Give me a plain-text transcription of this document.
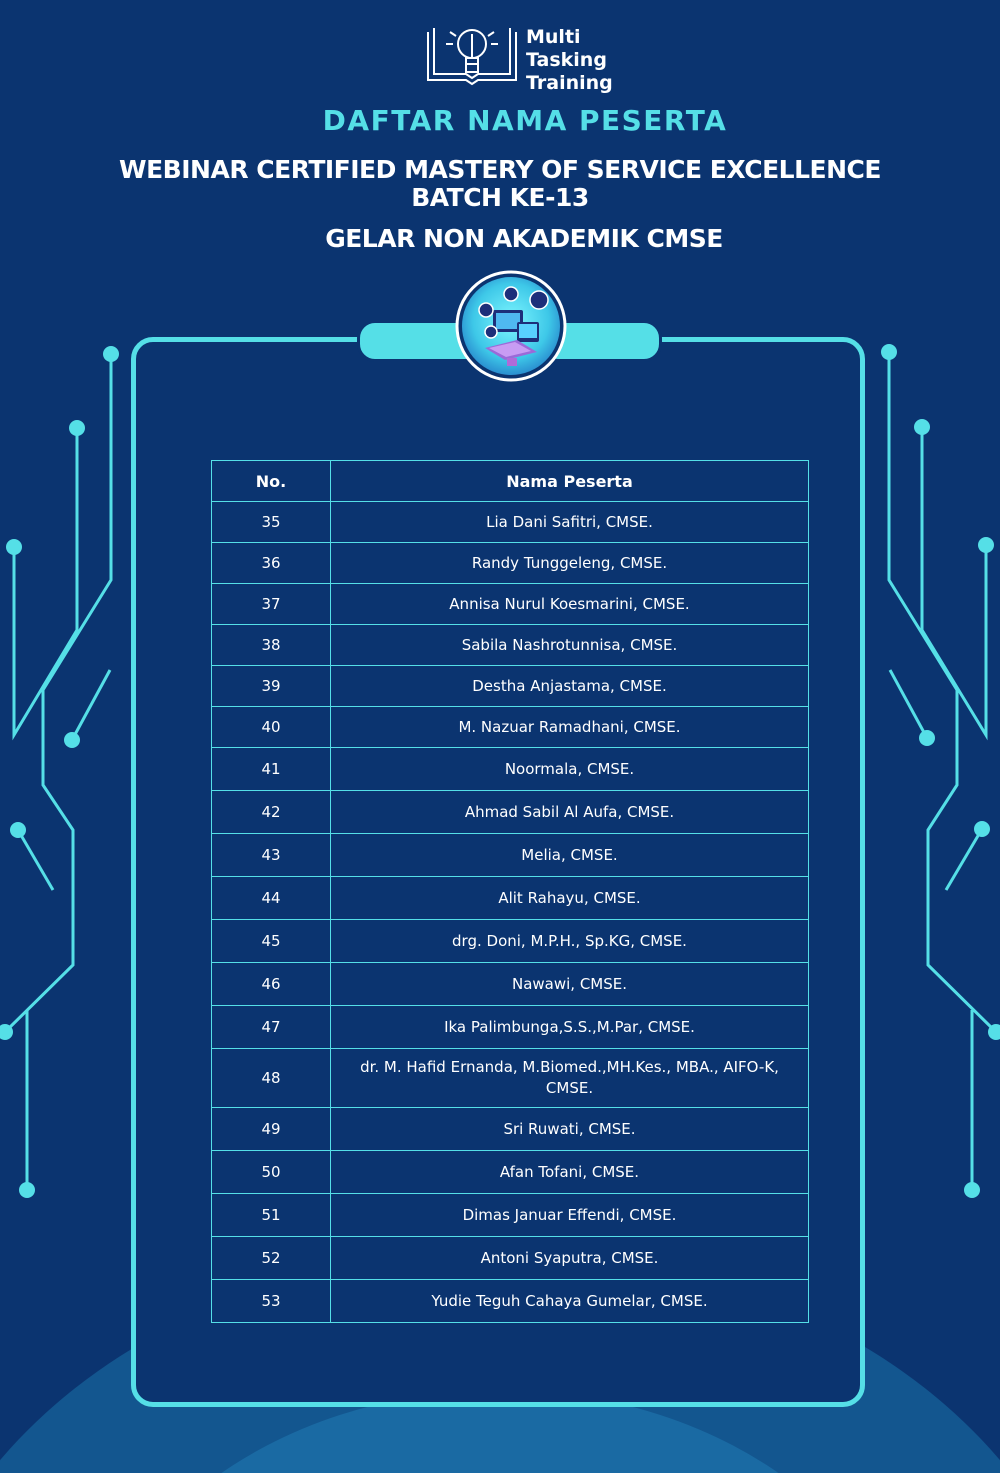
Multi
Tasking
Training
DAFTAR NAMA PESERTA
WEBINAR CERTIFIED MASTERY OF SERVICE EXCELLENCE
BATCH KE-13
GELAR NON AKADEMIK CMSE
No.	Nama Peserta
35	Lia Dani Safitri, CMSE.
36	Randy Tunggeleng, CMSE.
37	Annisa Nurul Koesmarini, CMSE.
38	Sabila Nashrotunnisa, CMSE.
39	Destha Anjastama, CMSE.
40	M. Nazuar Ramadhani, CMSE.
41	Noormala, CMSE.
42	Ahmad Sabil Al Aufa, CMSE.
43	Melia, CMSE.
44	Alit Rahayu, CMSE.
45	drg. Doni, M.P.H., Sp.KG, CMSE.
46	Nawawi, CMSE.
47	Ika Palimbunga,S.S.,M.Par, CMSE.
48	dr. M. Hafid Ernanda, M.Biomed.,MH.Kes., MBA., AIFO-K, CMSE.
49	Sri Ruwati, CMSE.
50	Afan Tofani, CMSE.
51	Dimas Januar Effendi, CMSE.
52	Antoni Syaputra, CMSE.
53	Yudie Teguh Cahaya Gumelar, CMSE.
